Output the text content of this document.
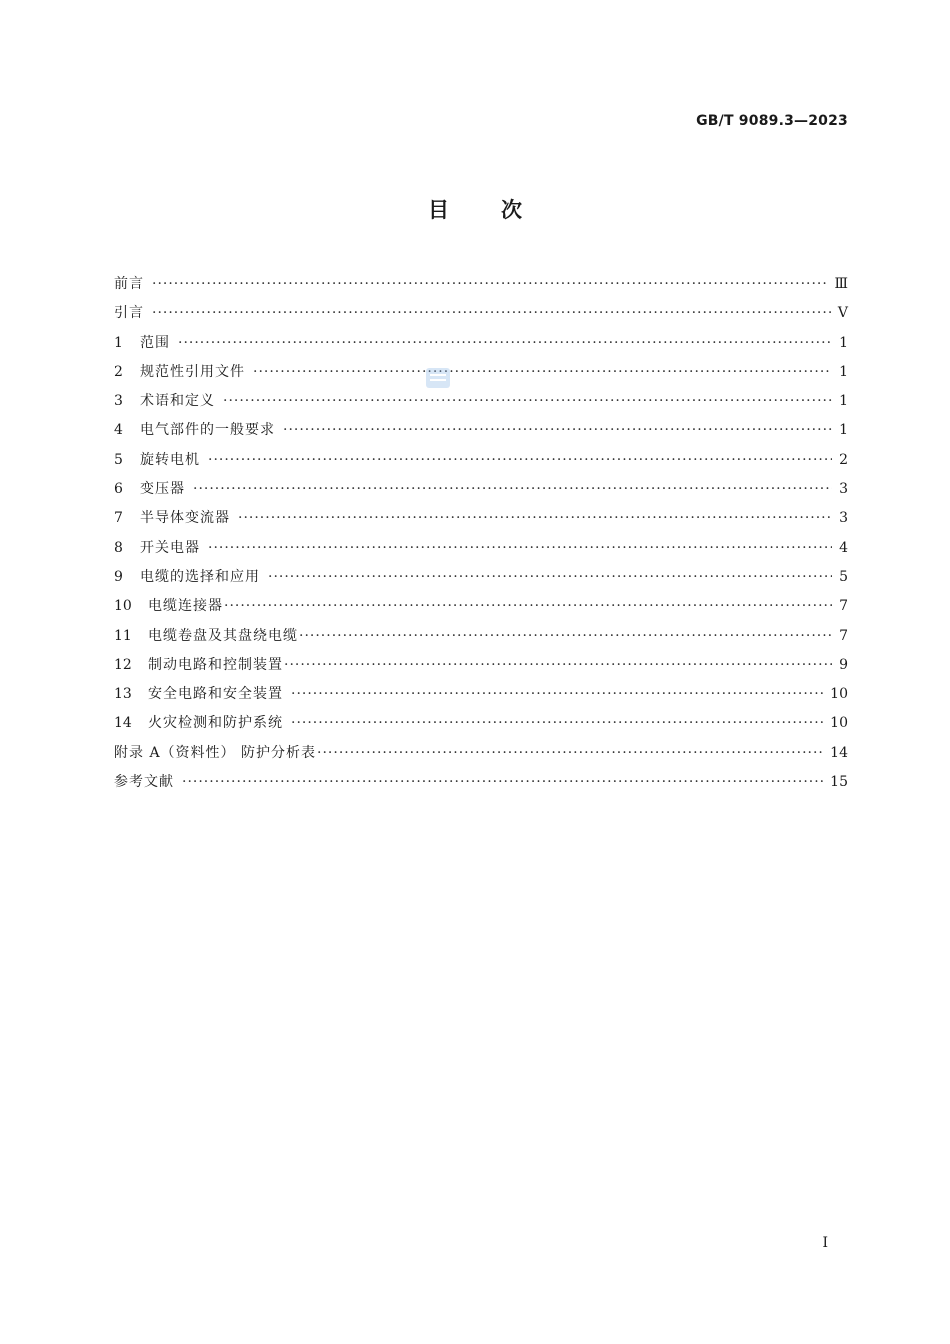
GB/T 9089.3—2023
目次
前言 ·····	Ⅲ
引言 ·····	Ⅴ
1	范围 ·····	1
2	规范性引用文件 ·····	1
3	术语和定义 ·····	1
4	电气部件的一般要求 ·····	1
5	旋转电机 ·····	2
6	变压器 ·····	3
7	半导体变流器 ·····	3
8	开关电器 ·····	4
9	电缆的选择和应用 ·····	5
10	电缆连接器 ·····	7
11	电缆卷盘及其盘绕电缆 ·····	7
12	制动电路和控制装置 ·····	9
13	安全电路和安全装置 ·····	10
14	火灾检测和防护系统 ·····	10
附录 A（资料性） 防护分析表 ·····	14
参考文献 ·····	15
I
